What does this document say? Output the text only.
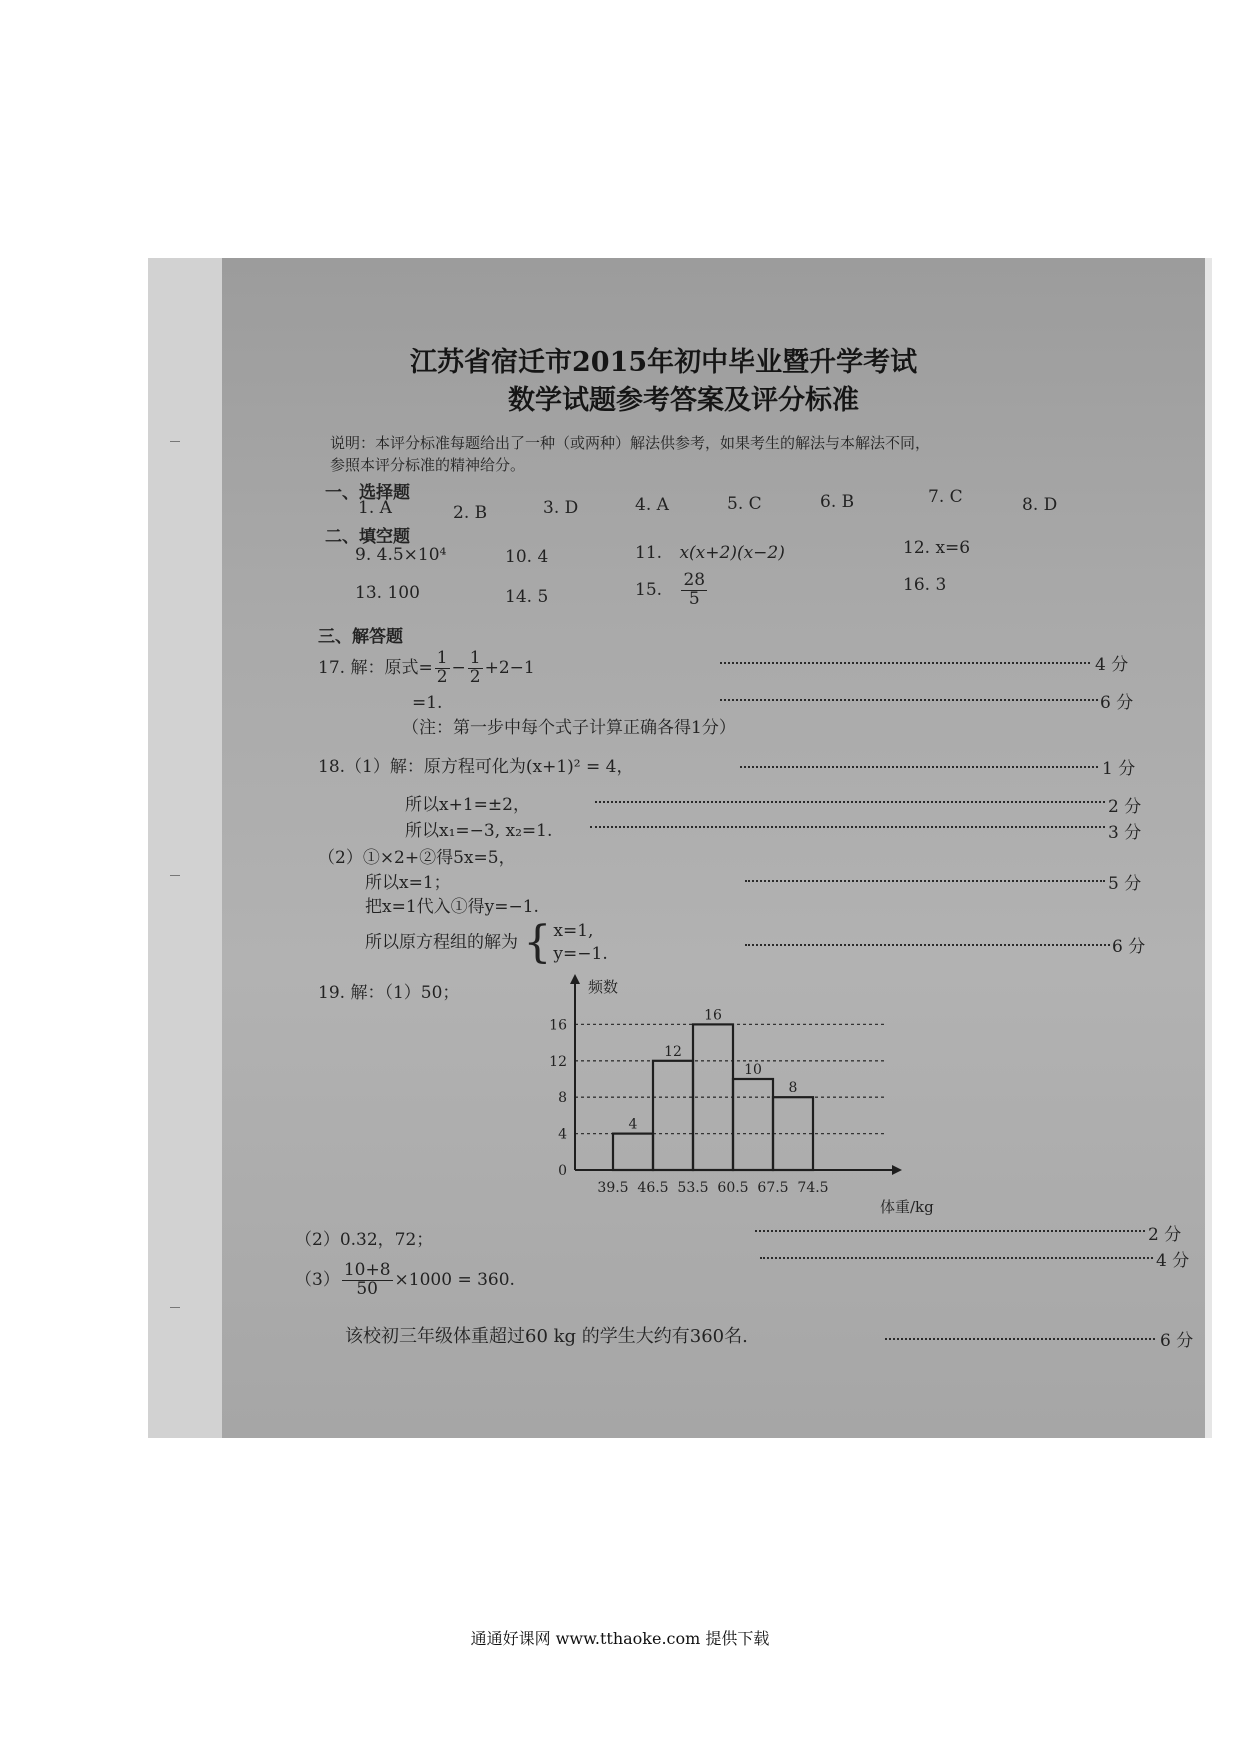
江苏省宿迁市2015年初中毕业暨升学考试
数学试题参考答案及评分标准
说明：本评分标准每题给出了一种（或两种）解法供参考，如果考生的解法与本解法不同，
参照本评分标准的精神给分。
一、选择题
1. A	2. B	3. D	4. A	5. C	6. B	7. C	8. D
二、填空题
9. 4.5×10⁴	10. 4	11. x(x+2)(x−2)	12. x=6
13. 100	14. 5	15. $\frac{28}{5}$	16. 3
三、解答题
17. 解：原式= $\frac{1}{2} - \frac{1}{2} +2-1$	4 分
=1.	6 分
（注：第一步中每个式子计算正确各得1分）
18.（1）解：原方程可化为(x+1)² = 4，	1 分
所以x+1=±2，	2 分
所以x₁=−3, x₂=1.	3 分
（2）①×2+②得5x=5，
所以x=1；	5 分
把x=1代入①得y=−1.
所以原方程组的解为 { x=1,
y=−1.	6 分
19. 解：（1）50；
0
4
8
12
16
4
12
16
10
8
39.5 46.5 53.5 60.5 67.5 74.5
频数
体重/kg
（2）0.32，72；	2 分
4 分
$(3) \frac{10+8}{50} \times 1000 = 360$.
该校初三年级体重超过60 kg 的学生大约有360名.	6 分
通通好课网 www.tthaoke.com 提供下载
